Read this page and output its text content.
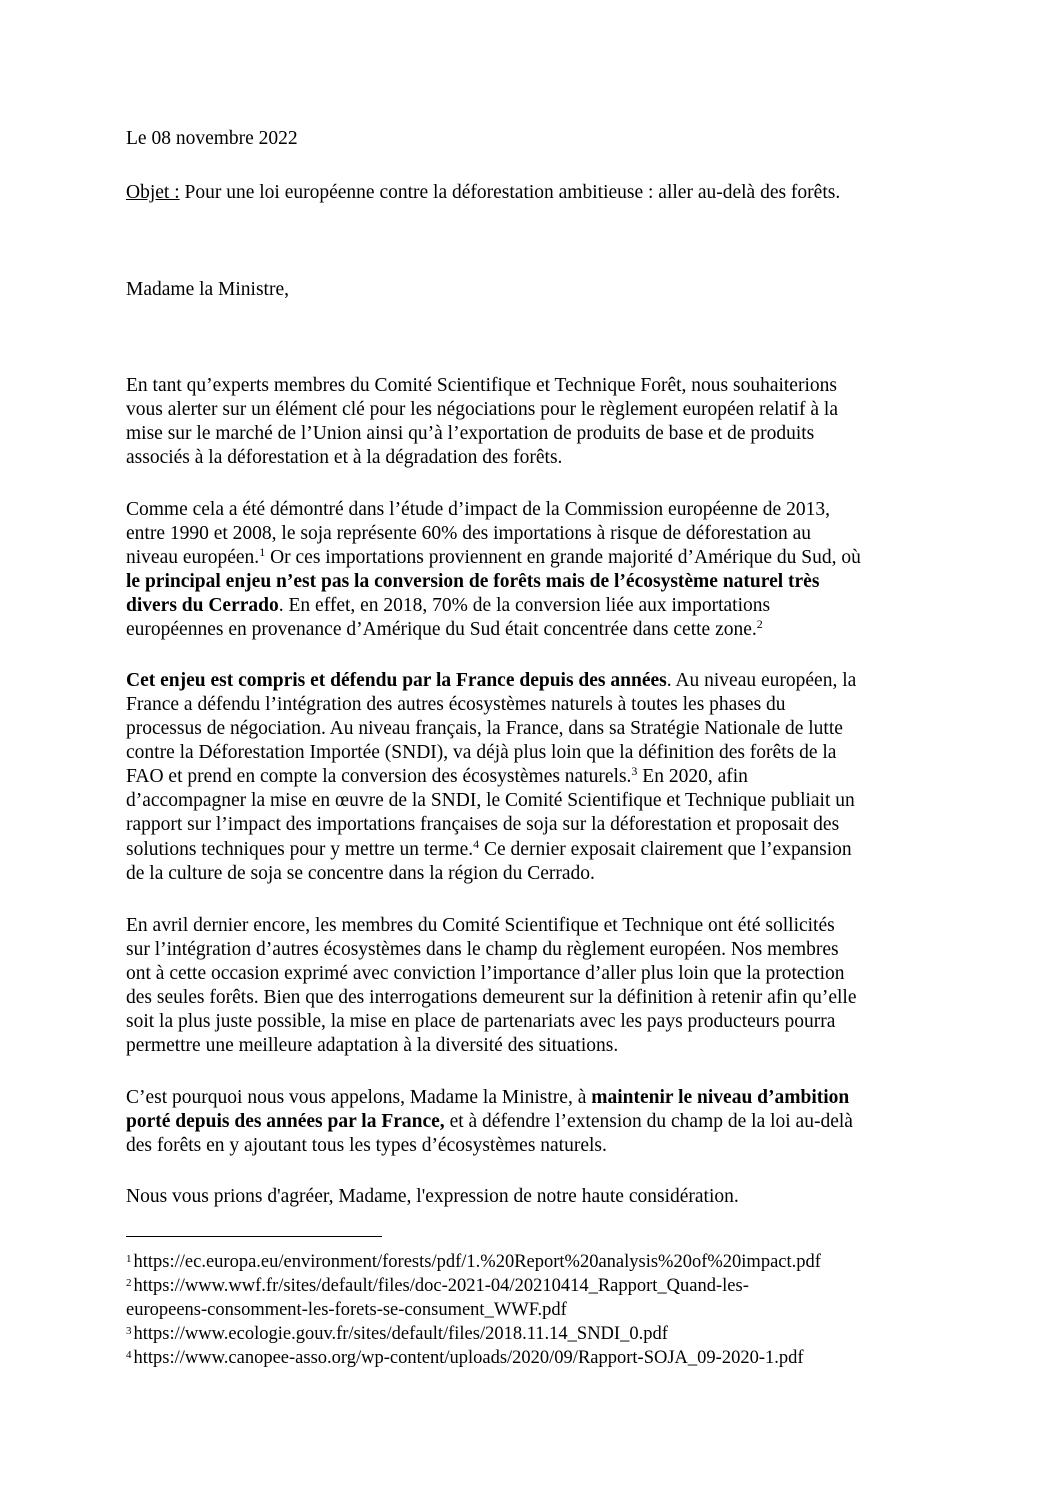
Le 08 novembre 2022
Objet : Pour une loi européenne contre la déforestation ambitieuse : aller au-delà des forêts.
Madame la Ministre,
En tant qu’experts membres du Comité Scientifique et Technique Forêt, nous souhaiterions
vous alerter sur un élément clé pour les négociations pour le règlement européen relatif à la
mise sur le marché de l’Union ainsi qu’à l’exportation de produits de base et de produits
associés à la déforestation et à la dégradation des forêts.
Comme cela a été démontré dans l’étude d’impact de la Commission européenne de 2013,
entre 1990 et 2008, le soja représente 60% des importations à risque de déforestation au
niveau européen.$^1$ Or ces importations proviennent en grande majorité d’Amérique du Sud, où
le principal enjeu n’est pas la conversion de forêts mais de l’écosystème naturel très
divers du Cerrado. En effet, en 2018, 70% de la conversion liée aux importations
européennes en provenance d’Amérique du Sud était concentrée dans cette zone.$^2$
Cet enjeu est compris et défendu par la France depuis des années. Au niveau européen, la
France a défendu l’intégration des autres écosystèmes naturels à toutes les phases du
processus de négociation. Au niveau français, la France, dans sa Stratégie Nationale de lutte
contre la Déforestation Importée (SNDI), va déjà plus loin que la définition des forêts de la
FAO et prend en compte la conversion des écosystèmes naturels.$^3$ En 2020, afin
d’accompagner la mise en œuvre de la SNDI, le Comité Scientifique et Technique publiait un
rapport sur l’impact des importations françaises de soja sur la déforestation et proposait des
solutions techniques pour y mettre un terme.$^4$ Ce dernier exposait clairement que l’expansion
de la culture de soja se concentre dans la région du Cerrado.
En avril dernier encore, les membres du Comité Scientifique et Technique ont été sollicités
sur l’intégration d’autres écosystèmes dans le champ du règlement européen. Nos membres
ont à cette occasion exprimé avec conviction l’importance d’aller plus loin que la protection
des seules forêts. Bien que des interrogations demeurent sur la définition à retenir afin qu’elle
soit la plus juste possible, la mise en place de partenariats avec les pays producteurs pourra
permettre une meilleure adaptation à la diversité des situations.
C’est pourquoi nous vous appelons, Madame la Ministre, à maintenir le niveau d’ambition
porté depuis des années par la France, et à défendre l’extension du champ de la loi au-delà
des forêts en y ajoutant tous les types d’écosystèmes naturels.
Nous vous prions d'agréer, Madame, l'expression de notre haute considération.
$^1$ https://ec.europa.eu/environment/forests/pdf/1.%20Report%20analysis%20of%20impact.pdf
$^2$ https://www.wwf.fr/sites/default/files/doc-2021-04/20210414_Rapport_Quand-les-
europeens-consomment-les-forets-se-consument_WWF.pdf
$^3$ https://www.ecologie.gouv.fr/sites/default/files/2018.11.14_SNDI_0.pdf
$^4$ https://www.canopee-asso.org/wp-content/uploads/2020/09/Rapport-SOJA_09-2020-1.pdf
